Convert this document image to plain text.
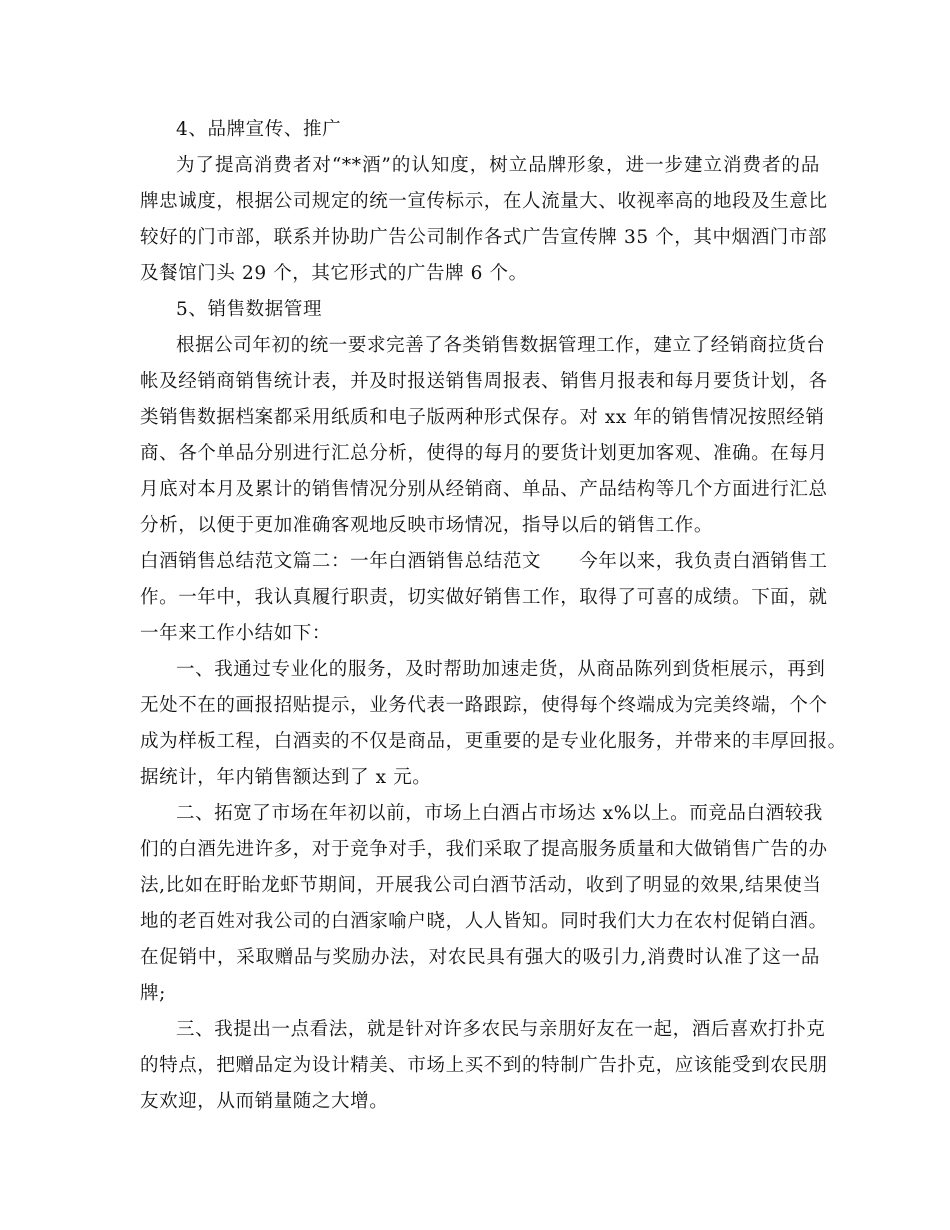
4、品牌宣传、推广
为了提高消费者对“**酒”的认知度，树立品牌形象，进一步建立消费者的品
牌忠诚度，根据公司规定的统一宣传标示，在人流量大、收视率高的地段及生意比
较好的门市部，联系并协助广告公司制作各式广告宣传牌 35 个，其中烟酒门市部
及餐馆门头 29 个，其它形式的广告牌 6 个。
5、销售数据管理
根据公司年初的统一要求完善了各类销售数据管理工作，建立了经销商拉货台
帐及经销商销售统计表，并及时报送销售周报表、销售月报表和每月要货计划，各
类销售数据档案都采用纸质和电子版两种形式保存。对 xx 年的销售情况按照经销
商、各个单品分别进行汇总分析，使得的每月的要货计划更加客观、准确。在每月
月底对本月及累计的销售情况分别从经销商、单品、产品结构等几个方面进行汇总
分析，以便于更加准确客观地反映市场情况，指导以后的销售工作。
白酒销售总结范文篇二：一年白酒销售总结范文　　今年以来，我负责白酒销售工
作。一年中，我认真履行职责，切实做好销售工作，取得了可喜的成绩。下面，就
一年来工作小结如下：
一、我通过专业化的服务，及时帮助加速走货，从商品陈列到货柜展示，再到
无处不在的画报招贴提示，业务代表一路跟踪，使得每个终端成为完美终端，个个
成为样板工程，白酒卖的不仅是商品，更重要的是专业化服务，并带来的丰厚回报。
据统计，年内销售额达到了 x 元。
二、拓宽了市场在年初以前，市场上白酒占市场达 x%以上。而竞品白酒较我
们的白酒先进许多，对于竞争对手，我们采取了提高服务质量和大做销售广告的办
法,比如在盱眙龙虾节期间，开展我公司白酒节活动，收到了明显的效果,结果使当
地的老百姓对我公司的白酒家喻户晓，人人皆知。同时我们大力在农村促销白酒。
在促销中，采取赠品与奖励办法，对农民具有强大的吸引力,消费时认准了这一品
牌;
三、我提出一点看法，就是针对许多农民与亲朋好友在一起，酒后喜欢打扑克
的特点，把赠品定为设计精美、市场上买不到的特制广告扑克，应该能受到农民朋
友欢迎，从而销量随之大增。
